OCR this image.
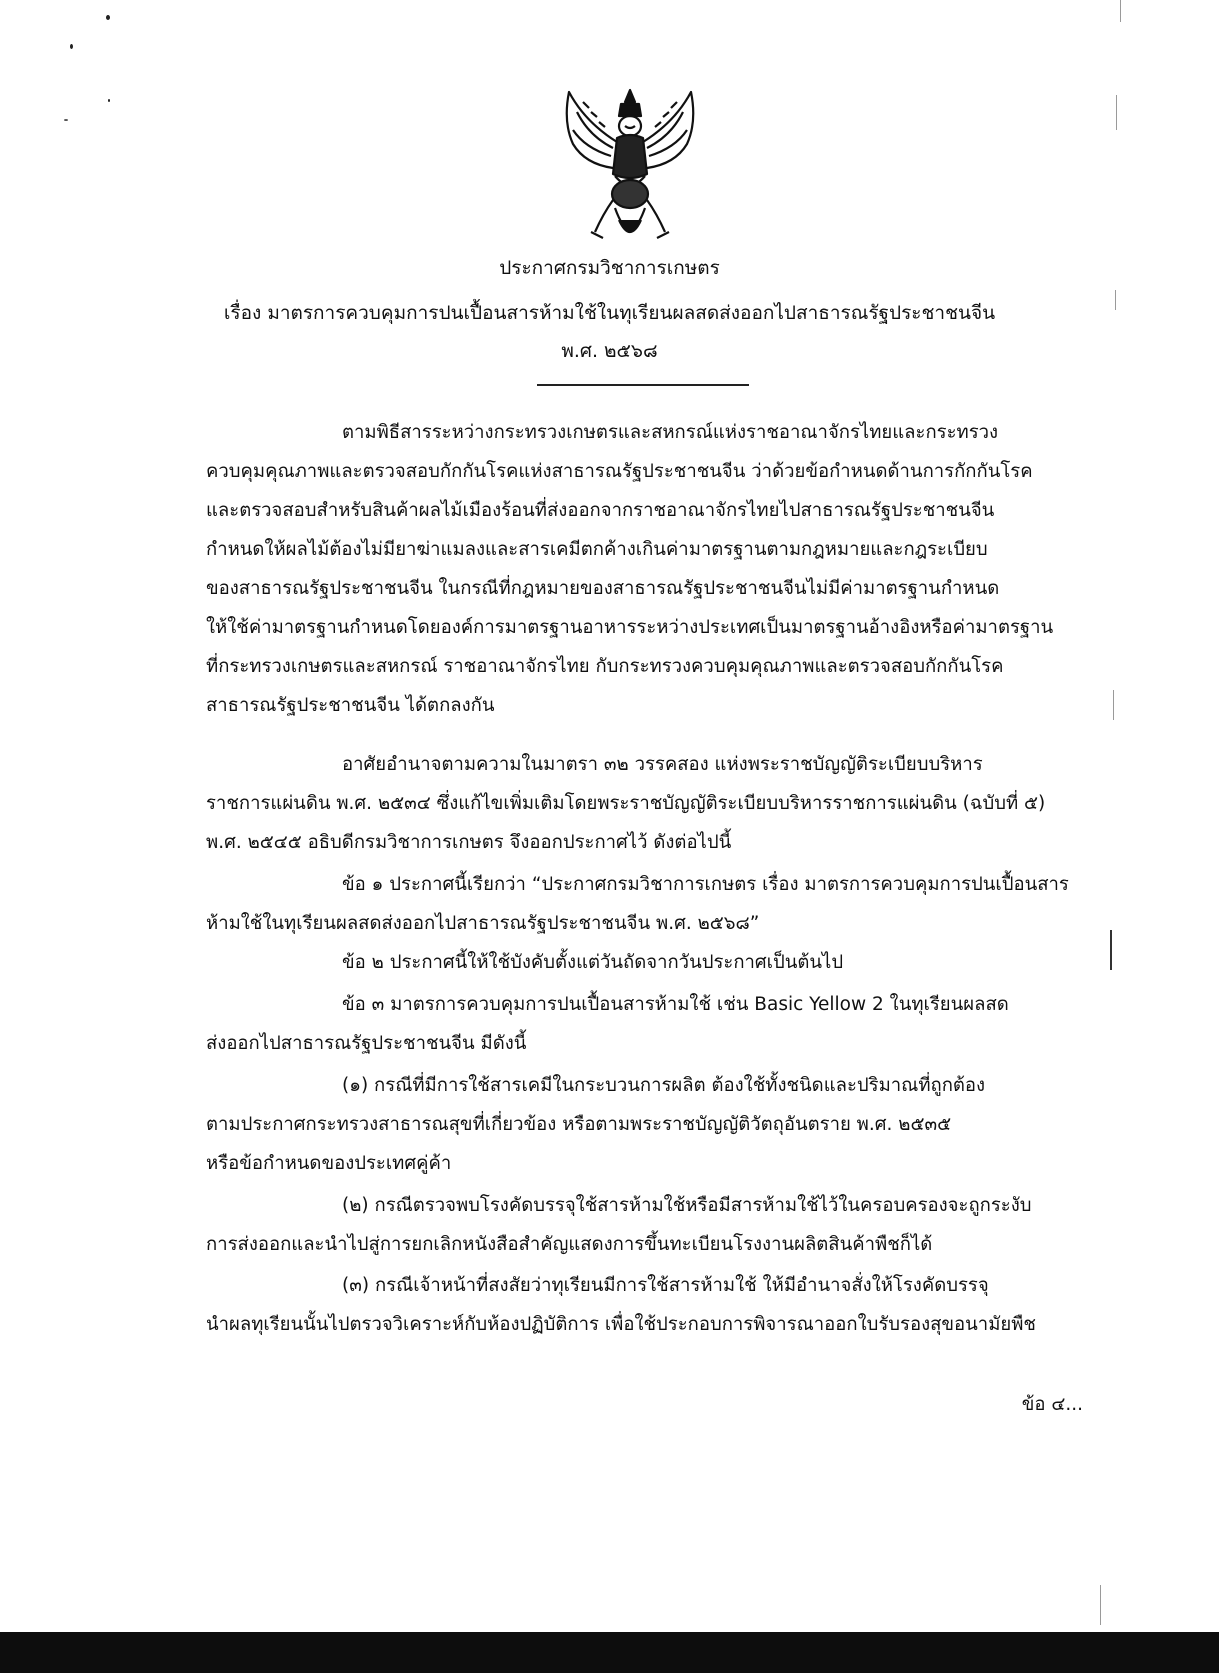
ประกาศกรมวิชาการเกษตร
เรื่อง มาตรการควบคุมการปนเปื้อนสารห้ามใช้ในทุเรียนผลสดส่งออกไปสาธารณรัฐประชาชนจีน
พ.ศ. ๒๕๖๘
ตามพิธีสารระหว่างกระทรวงเกษตรและสหกรณ์แห่งราชอาณาจักรไทยและกระทรวง
ควบคุมคุณภาพและตรวจสอบกักกันโรคแห่งสาธารณรัฐประชาชนจีน ว่าด้วยข้อกำหนดด้านการกักกันโรค
และตรวจสอบสำหรับสินค้าผลไม้เมืองร้อนที่ส่งออกจากราชอาณาจักรไทยไปสาธารณรัฐประชาชนจีน
กำหนดให้ผลไม้ต้องไม่มียาฆ่าแมลงและสารเคมีตกค้างเกินค่ามาตรฐานตามกฎหมายและกฎระเบียบ
ของสาธารณรัฐประชาชนจีน ในกรณีที่กฎหมายของสาธารณรัฐประชาชนจีนไม่มีค่ามาตรฐานกำหนด
ให้ใช้ค่ามาตรฐานกำหนดโดยองค์การมาตรฐานอาหารระหว่างประเทศเป็นมาตรฐานอ้างอิงหรือค่ามาตรฐาน
ที่กระทรวงเกษตรและสหกรณ์ ราชอาณาจักรไทย กับกระทรวงควบคุมคุณภาพและตรวจสอบกักกันโรค
สาธารณรัฐประชาชนจีน ได้ตกลงกัน
อาศัยอำนาจตามความในมาตรา ๓๒ วรรคสอง แห่งพระราชบัญญัติระเบียบบริหาร
ราชการแผ่นดิน พ.ศ. ๒๕๓๔ ซึ่งแก้ไขเพิ่มเติมโดยพระราชบัญญัติระเบียบบริหารราชการแผ่นดิน (ฉบับที่ ๕)
พ.ศ. ๒๕๔๕ อธิบดีกรมวิชาการเกษตร จึงออกประกาศไว้ ดังต่อไปนี้
ข้อ ๑ ประกาศนี้เรียกว่า “ประกาศกรมวิชาการเกษตร เรื่อง มาตรการควบคุมการปนเปื้อนสาร
ห้ามใช้ในทุเรียนผลสดส่งออกไปสาธารณรัฐประชาชนจีน พ.ศ. ๒๕๖๘”
ข้อ ๒ ประกาศนี้ให้ใช้บังคับตั้งแต่วันถัดจากวันประกาศเป็นต้นไป
ข้อ ๓ มาตรการควบคุมการปนเปื้อนสารห้ามใช้ เช่น Basic Yellow 2 ในทุเรียนผลสด
ส่งออกไปสาธารณรัฐประชาชนจีน มีดังนี้
(๑) กรณีที่มีการใช้สารเคมีในกระบวนการผลิต ต้องใช้ทั้งชนิดและปริมาณที่ถูกต้อง
ตามประกาศกระทรวงสาธารณสุขที่เกี่ยวข้อง หรือตามพระราชบัญญัติวัตถุอันตราย พ.ศ. ๒๕๓๕
หรือข้อกำหนดของประเทศคู่ค้า
(๒) กรณีตรวจพบโรงคัดบรรจุใช้สารห้ามใช้หรือมีสารห้ามใช้ไว้ในครอบครองจะถูกระงับ
การส่งออกและนำไปสู่การยกเลิกหนังสือสำคัญแสดงการขึ้นทะเบียนโรงงานผลิตสินค้าพืชก็ได้
(๓) กรณีเจ้าหน้าที่สงสัยว่าทุเรียนมีการใช้สารห้ามใช้ ให้มีอำนาจสั่งให้โรงคัดบรรจุ
นำผลทุเรียนนั้นไปตรวจวิเคราะห์กับห้องปฏิบัติการ เพื่อใช้ประกอบการพิจารณาออกใบรับรองสุขอนามัยพืช
ข้อ ๔...
